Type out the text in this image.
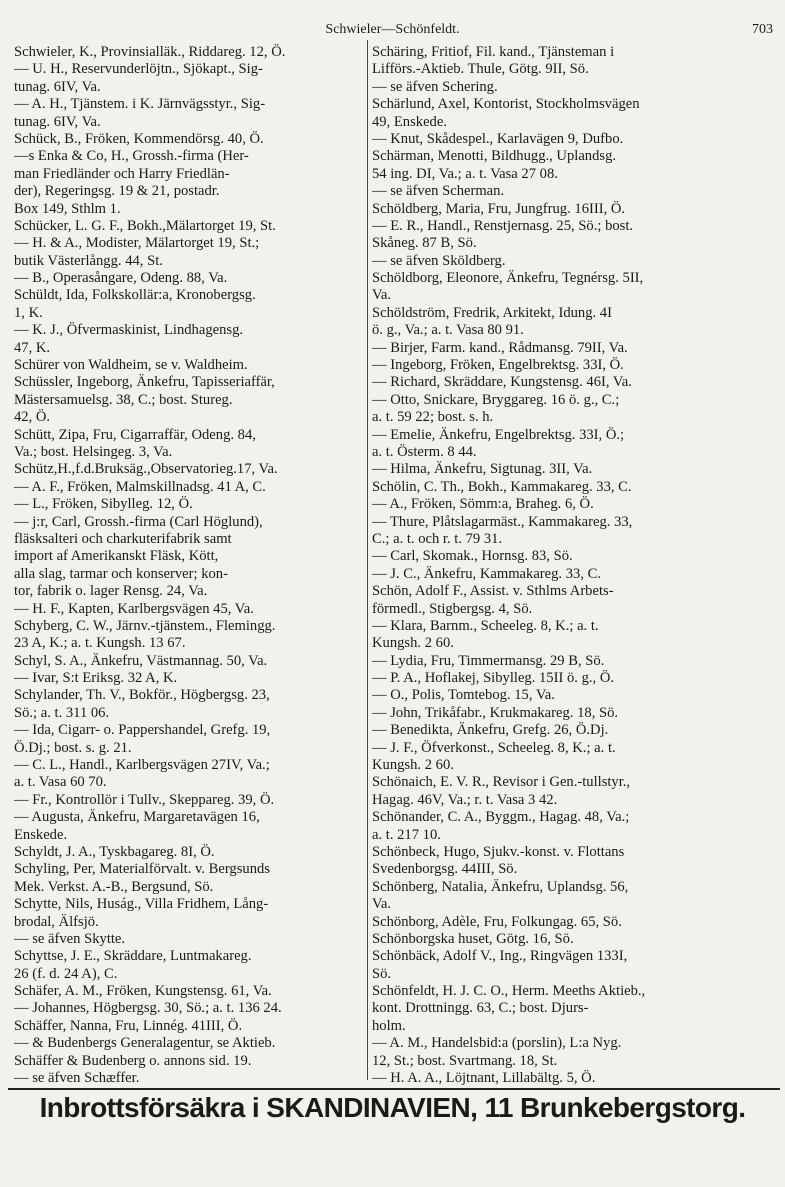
Schwieler—Schönfeldt.	703
Schwieler, K., Provinsialläk., Riddareg. 12, Ö.
— U. H., Reservunderlöjtn., Sjökapt., Sig-
tunag. 6IV, Va.
— A. H., Tjänstem. i K. Järnvägsstyr., Sig-
tunag. 6IV, Va.
Schück, B., Fröken, Kommendörsg. 40, Ö.
—s Enka & Co, H., Grossh.-firma (Her-
man Friedländer och Harry Friedlän-
der), Regeringsg. 19 & 21, postadr.
Box 149, Sthlm 1.
Schücker, L. G. F., Bokh.,Mälartorget 19, St.
— H. & A., Modister, Mälartorget 19, St.;
butik Västerlångg. 44, St.
— B., Operasångare, Odeng. 88, Va.
Schüldt, Ida, Folkskollär:a, Kronobergsg.
1, K.
— K. J., Öfvermaskinist, Lindhagensg.
47, K.
Schürer von Waldheim, se v. Waldheim.
Schüssler, Ingeborg, Änkefru, Tapisseriaffär,
Mästersamuelsg. 38, C.; bost. Stureg.
42, Ö.
Schütt, Zipa, Fru, Cigarraffär, Odeng. 84,
Va.; bost. Helsingeg. 3, Va.
Schütz,H.,f.d.Bruksäg.,Observatorieg.17, Va.
— A. F., Fröken, Malmskillnadsg. 41 A, C.
— L., Fröken, Sibylleg. 12, Ö.
— j:r, Carl, Grossh.-firma (Carl Höglund),
fläsksalteri och charkuterifabrik samt
import af Amerikanskt Fläsk, Kött,
alla slag, tarmar och konserver; kon-
tor, fabrik o. lager Rensg. 24, Va.
— H. F., Kapten, Karlbergsvägen 45, Va.
Schyberg, C. W., Järnv.-tjänstem., Flemingg.
23 A, K.; a. t. Kungsh. 13 67.
Schyl, S. A., Änkefru, Västmannag. 50, Va.
— Ivar, S:t Eriksg. 32 A, K.
Schylander, Th. V., Bokför., Högbergsg. 23,
Sö.; a. t. 311 06.
— Ida, Cigarr- o. Pappershandel, Grefg. 19,
Ö.Dj.; bost. s. g. 21.
— C. L., Handl., Karlbergsvägen 27IV, Va.;
a. t. Vasa 60 70.
— Fr., Kontrollör i Tullv., Skeppareg. 39, Ö.
— Augusta, Änkefru, Margaretavägen 16,
Enskede.
Schyldt, J. A., Tyskbagareg. 8I, Ö.
Schyling, Per, Materialförvalt. v. Bergsunds
Mek. Verkst. A.-B., Bergsund, Sö.
Schytte, Nils, Huság., Villa Fridhem, Lång-
brodal, Älfsjö.
— se äfven Skytte.
Schyttse, J. E., Skräddare, Luntmakareg.
26 (f. d. 24 A), C.
Schäfer, A. M., Fröken, Kungstensg. 61, Va.
— Johannes, Högbergsg. 30, Sö.; a. t. 136 24.
Schäffer, Nanna, Fru, Linnég. 41III, Ö.
— & Budenbergs Generalagentur, se Aktieb.
Schäffer & Budenberg o. annons sid. 19.
— se äfven Schæffer.
Schäring, Fritiof, Fil. kand., Tjänsteman i
Lifförs.-Aktieb. Thule, Götg. 9II, Sö.
— se äfven Schering.
Schärlund, Axel, Kontorist, Stockholmsvägen
49, Enskede.
— Knut, Skådespel., Karlavägen 9, Dufbo.
Schärman, Menotti, Bildhugg., Uplandsg.
54 ing. DI, Va.; a. t. Vasa 27 08.
— se äfven Scherman.
Schöldberg, Maria, Fru, Jungfrug. 16III, Ö.
— E. R., Handl., Renstjernasg. 25, Sö.; bost.
Skåneg. 87 B, Sö.
— se äfven Sköldberg.
Schöldborg, Eleonore, Änkefru, Tegnérsg. 5II,
Va.
Schöldström, Fredrik, Arkitekt, Idung. 4I
ö. g., Va.; a. t. Vasa 80 91.
— Birjer, Farm. kand., Rådmansg. 79II, Va.
— Ingeborg, Fröken, Engelbrektsg. 33I, Ö.
— Richard, Skräddare, Kungstensg. 46I, Va.
— Otto, Snickare, Bryggareg. 16 ö. g., C.;
a. t. 59 22; bost. s. h.
— Emelie, Änkefru, Engelbrektsg. 33I, Ö.;
a. t. Österm. 8 44.
— Hilma, Änkefru, Sigtunag. 3II, Va.
Schölin, C. Th., Bokh., Kammakareg. 33, C.
— A., Fröken, Sömm:a, Braheg. 6, Ö.
— Thure, Plåtslagarmäst., Kammakareg. 33,
C.; a. t. och r. t. 79 31.
— Carl, Skomak., Hornsg. 83, Sö.
— J. C., Änkefru, Kammakareg. 33, C.
Schön, Adolf F., Assist. v. Sthlms Arbets-
förmedl., Stigbergsg. 4, Sö.
— Klara, Barnm., Scheeleg. 8, K.; a. t.
Kungsh. 2 60.
— Lydia, Fru, Timmermansg. 29 B, Sö.
— P. A., Hoflakej, Sibylleg. 15II ö. g., Ö.
— O., Polis, Tomtebog. 15, Va.
— John, Trikåfabr., Krukmakareg. 18, Sö.
— Benedikta, Änkefru, Grefg. 26, Ö.Dj.
— J. F., Öfverkonst., Scheeleg. 8, K.; a. t.
Kungsh. 2 60.
Schönaich, E. V. R., Revisor i Gen.-tullstyr.,
Hagag. 46V, Va.; r. t. Vasa 3 42.
Schönander, C. A., Byggm., Hagag. 48, Va.;
a. t. 217 10.
Schönbeck, Hugo, Sjukv.-konst. v. Flottans
Svedenborgsg. 44III, Sö.
Schönberg, Natalia, Änkefru, Uplandsg. 56,
Va.
Schönborg, Adèle, Fru, Folkungag. 65, Sö.
Schönborgska huset, Götg. 16, Sö.
Schönbäck, Adolf V., Ing., Ringvägen 133I,
Sö.
Schönfeldt, H. J. C. O., Herm. Meeths Aktieb.,
kont. Drottningg. 63, C.; bost. Djurs-
holm.
— A. M., Handelsbid:a (porslin), L:a Nyg.
12, St.; bost. Svartmang. 18, St.
— H. A. A., Löjtnant, Lillabältg. 5, Ö.
Inbrottsförsäkra i SKANDINAVIEN, 11 Brunkebergstorg.
